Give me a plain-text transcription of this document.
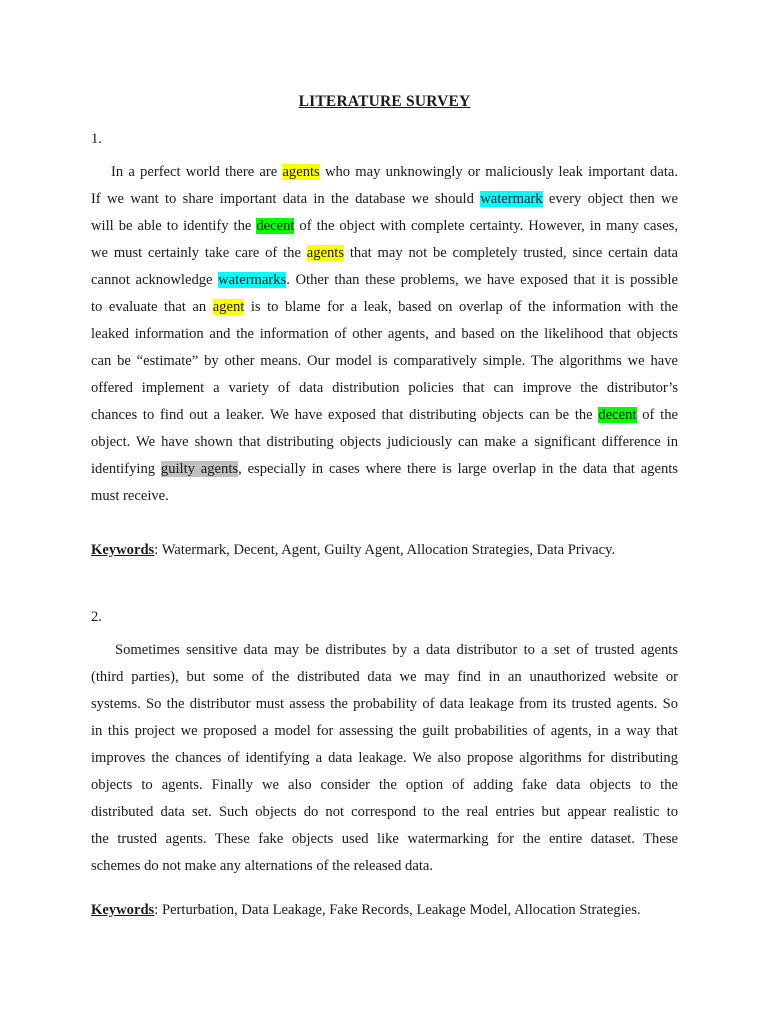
LITERATURE SURVEY
1.
In a perfect world there are agents who may unknowingly or maliciously leak important data.
If we want to share important data in the database we should watermark every object then we
will be able to identify the decent of the object with complete certainty. However, in many cases,
we must certainly take care of the agents that may not be completely trusted, since certain data
cannot acknowledge watermarks. Other than these problems, we have exposed that it is possible
to evaluate that an agent is to blame for a leak, based on overlap of the information with the
leaked information and the information of other agents, and based on the likelihood that objects
can be “estimate” by other means. Our model is comparatively simple. The algorithms we have
offered implement a variety of data distribution policies that can improve the distributor’s
chances to find out a leaker. We have exposed that distributing objects can be the decent of the
object. We have shown that distributing objects judiciously can make a significant difference in
identifying guilty agents, especially in cases where there is large overlap in the data that agents
must receive.
Keywords: Watermark, Decent, Agent, Guilty Agent, Allocation Strategies, Data Privacy.
2.
Sometimes sensitive data may be distributes by a data distributor to a set of trusted agents
(third parties), but some of the distributed data we may find in an unauthorized website or
systems. So the distributor must assess the probability of data leakage from its trusted agents. So
in this project we proposed a model for assessing the guilt probabilities of agents, in a way that
improves the chances of identifying a data leakage. We also propose algorithms for distributing
objects to agents. Finally we also consider the option of adding fake data objects to the
distributed data set. Such objects do not correspond to the real entries but appear realistic to
the trusted agents. These fake objects used like watermarking for the entire dataset. These
schemes do not make any alternations of the released data.
Keywords: Perturbation, Data Leakage, Fake Records, Leakage Model, Allocation Strategies.
